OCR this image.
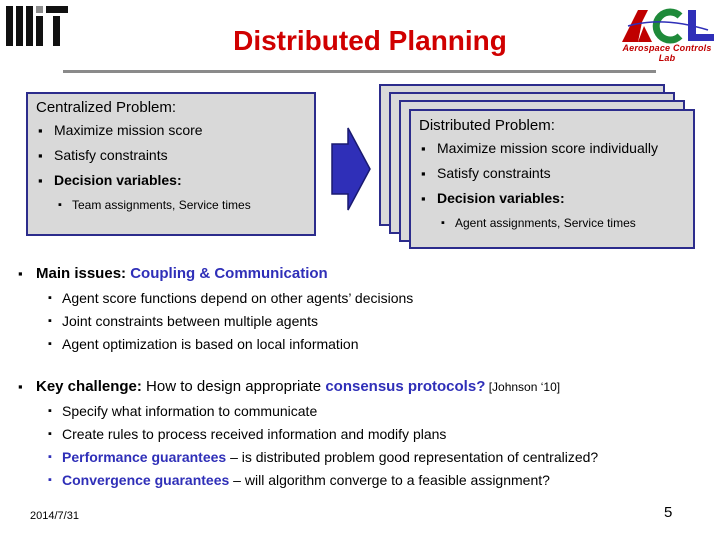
Aerospace Controls Lab
Distributed Planning
Centralized Problem:
▪ Maximize mission score
▪ Satisfy constraints
▪ Decision variables:
▪ Team assignments, Service times
Distributed Problem:
▪ Maximize mission score individually
▪ Satisfy constraints
▪ Decision variables:
▪ Agent assignments, Service times
▪ Main issues: Coupling & Communication
▪ Agent score functions depend on other agents’ decisions
▪ Joint constraints between multiple agents
▪ Agent optimization is based on local information
▪ Key challenge: How to design appropriate consensus protocols? [Johnson ‘10]
▪ Specify what information to communicate
▪ Create rules to process received information and modify plans
▪ Performance guarantees – is distributed problem good representation of centralized?
▪ Convergence guarantees – will algorithm converge to a feasible assignment?
2014/7/31	5
